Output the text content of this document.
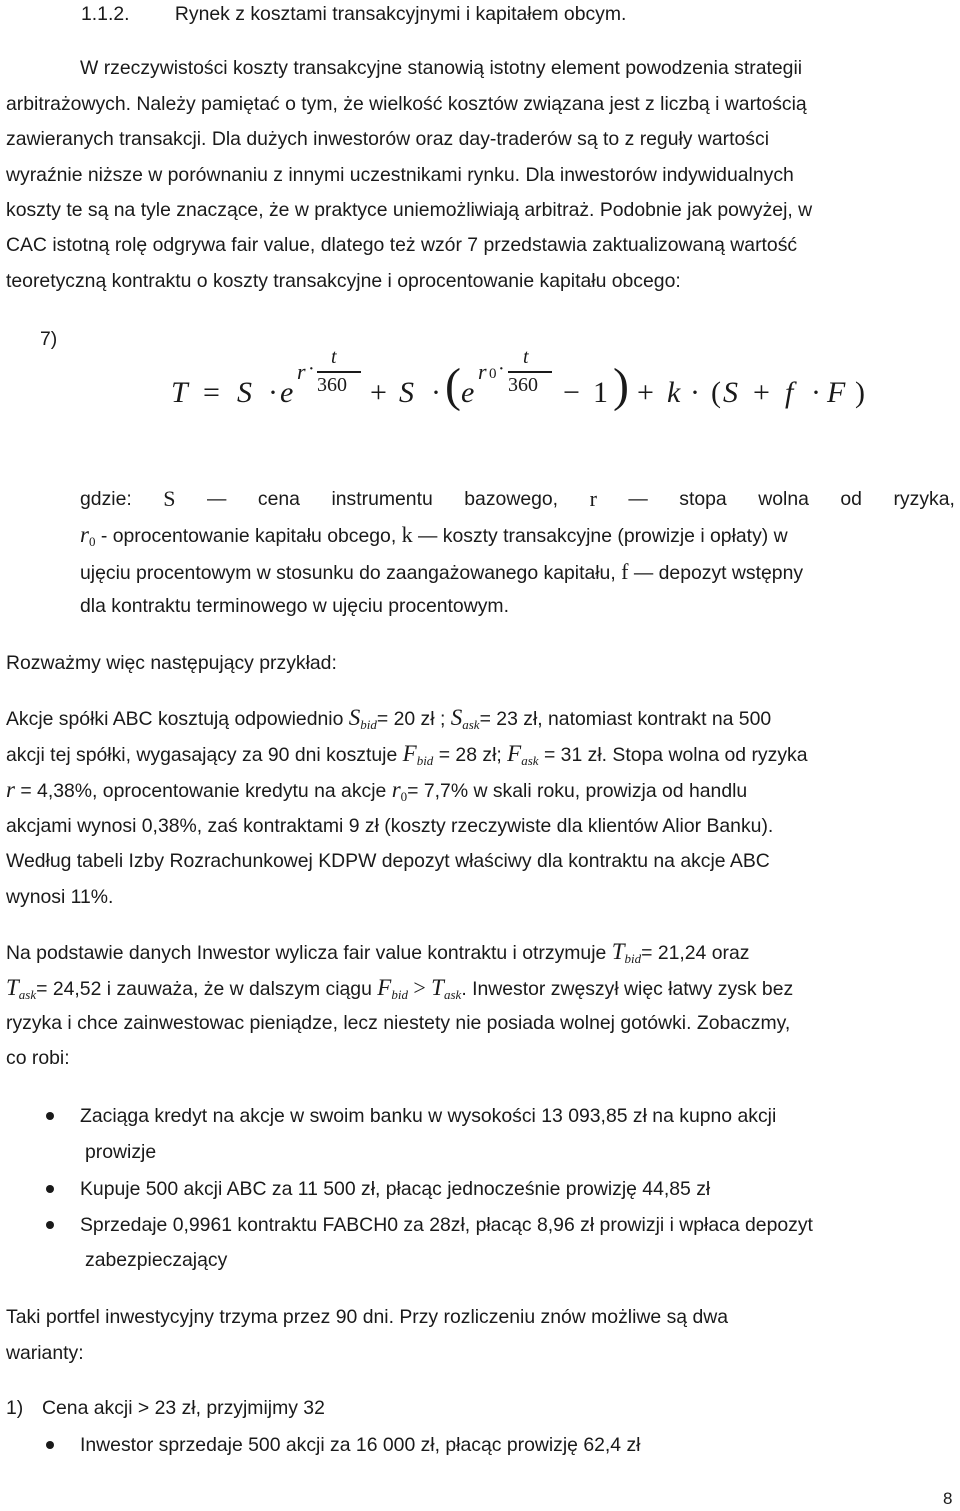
1.1.2. Rynek z kosztami transakcyjnymi i kapitałem obcym.
W rzeczywistości koszty transakcyjne stanowią istotny element powodzenia strategii
arbitrażowych. Należy pamiętać o tym, że wielkość kosztów związana jest z liczbą i wartością
zawieranych transakcji. Dla dużych inwestorów oraz day-traderów są to z reguły wartości
wyraźnie niższe w porównaniu z innymi uczestnikami rynku. Dla inwestorów indywidualnych
koszty te są na tyle znaczące, że w praktyce uniemożliwiają arbitraż. Podobnie jak powyżej, w
CAC istotną rolę odgrywa fair value, dlatego też wzór 7 przedstawia zaktualizowaną wartość
teoretyczną kontraktu o koszty transakcyjne i oprocentowanie kapitału obcego:
7)
T = S · e
r ·
t
360 + S · ( e
r 0 ·
t
360 − 1 ) + k · ( S + f · F )
gdzie: S — cena instrumentu bazowego, r — stopa wolna od ryzyka,
$r_0$ - oprocentowanie kapitału obcego, k — koszty transakcyjne (prowizje i opłaty) w
ujęciu procentowym w stosunku do zaangażowanego kapitału, f — depozyt wstępny
dla kontraktu terminowego w ujęciu procentowym.
Rozważmy więc następujący przykład:
Akcje spółki ABC kosztują odpowiednio $S_{bid}= 20$ zł ; $S_{ask}= 23$ zł, natomiast kontrakt na 500
akcji tej spółki, wygasający za 90 dni kosztuje $F_{bid} = 28$ zł; $F_{ask} = 31$ zł. Stopa wolna od ryzyka
r = 4,38%, oprocentowanie kredytu na akcje $r_0= 7,7\%$ w skali roku, prowizja od handlu
akcjami wynosi 0,38%, zaś kontraktami 9 zł (koszty rzeczywiste dla klientów Alior Banku).
Według tabeli Izby Rozrachunkowej KDPW depozyt właściwy dla kontraktu na akcje ABC
wynosi 11%.
Na podstawie danych Inwestor wylicza fair value kontraktu i otrzymuje $T_{bid}= 21,24$ oraz
$T_{ask}= 24,52$ i zauważa, że w dalszym ciągu $F_{bid} > T_{ask}$. Inwestor zwęszył więc łatwy zysk bez
ryzyka i chce zainwestowac pieniądze, lecz niestety nie posiada wolnej gotówki. Zobaczmy,
co robi:
Zaciąga kredyt na akcje w swoim banku w wysokości 13 093,85 zł na kupno akcji
prowizje
Kupuje 500 akcji ABC za 11 500 zł, płacąc jednocześnie prowizję 44,85 zł
Sprzedaje 0,9961 kontraktu FABCH0 za 28zł, płacąc 8,96 zł prowizji i wpłaca depozyt
zabezpieczający
Taki portfel inwestycyjny trzyma przez 90 dni. Przy rozliczeniu znów możliwe są dwa
warianty:
1) Cena akcji > 23 zł, przyjmijmy 32
Inwestor sprzedaje 500 akcji za 16 000 zł, płacąc prowizję 62,4 zł
8
